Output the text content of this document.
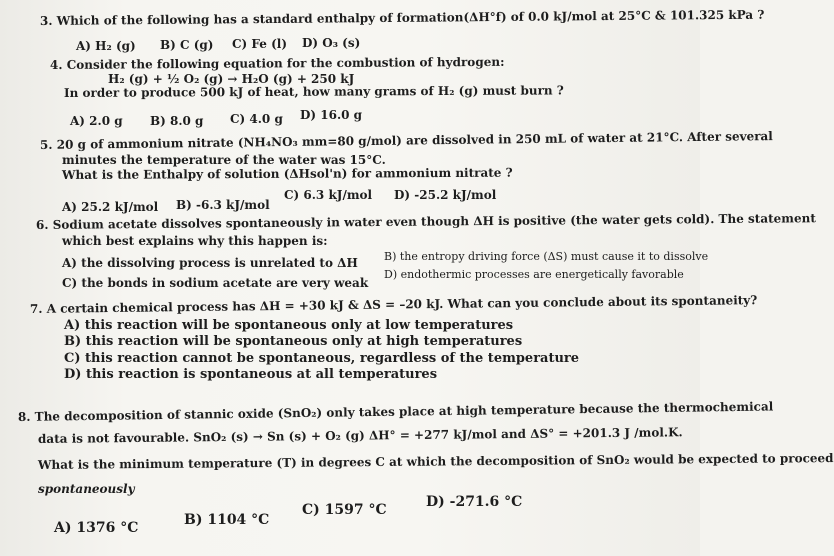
3. Which of the following has a standard enthalpy of formation(ΔH°f) of 0.0 kJ/mol at 25°C & 101.325 kPa ?
A) H₂ (g) B) C (g) C) Fe (l) D) O₃ (s)
4. Consider the following equation for the combustion of hydrogen:
H₂ (g) + ½ O₂ (g) → H₂O (g) + 250 kJ
In order to produce 500 kJ of heat, how many grams of H₂ (g) must burn ?
A) 2.0 g B) 8.0 g C) 4.0 g D) 16.0 g
5. 20 g of ammonium nitrate (NH₄NO₃ mm=80 g/mol) are dissolved in 250 mL of water at 21°C. After several
minutes the temperature of the water was 15°C.
What is the Enthalpy of solution (ΔHsol'n) for ammonium nitrate ?
A) 25.2 kJ/mol B) -6.3 kJ/mol
C) 6.3 kJ/mol D) -25.2 kJ/mol
6. Sodium acetate dissolves spontaneously in water even though ΔH is positive (the water gets cold). The statement
which best explains why this happen is:
A) the dissolving process is unrelated to ΔH B) the entropy driving force (ΔS) must cause it to dissolve
C) the bonds in sodium acetate are very weak
D) endothermic processes are energetically favorable
7. A certain chemical process has ΔH = +30 kJ & ΔS = –20 kJ. What can you conclude about its spontaneity?
A) this reaction will be spontaneous only at low temperatures
B) this reaction will be spontaneous only at high temperatures
C) this reaction cannot be spontaneous, regardless of the temperature
D) this reaction is spontaneous at all temperatures
8. The decomposition of stannic oxide (SnO₂) only takes place at high temperature because the thermochemical
data is not favourable. SnO₂ (s) → Sn (s) + O₂ (g) ΔH° = +277 kJ/mol and ΔS° = +201.3 J /mol.K.
What is the minimum temperature (T) in degrees C at which the decomposition of SnO₂ would be expected to proceed
spontaneously
A) 1376 °C	B) 1104 °C
C) 1597 °C	D) -271.6 °C
